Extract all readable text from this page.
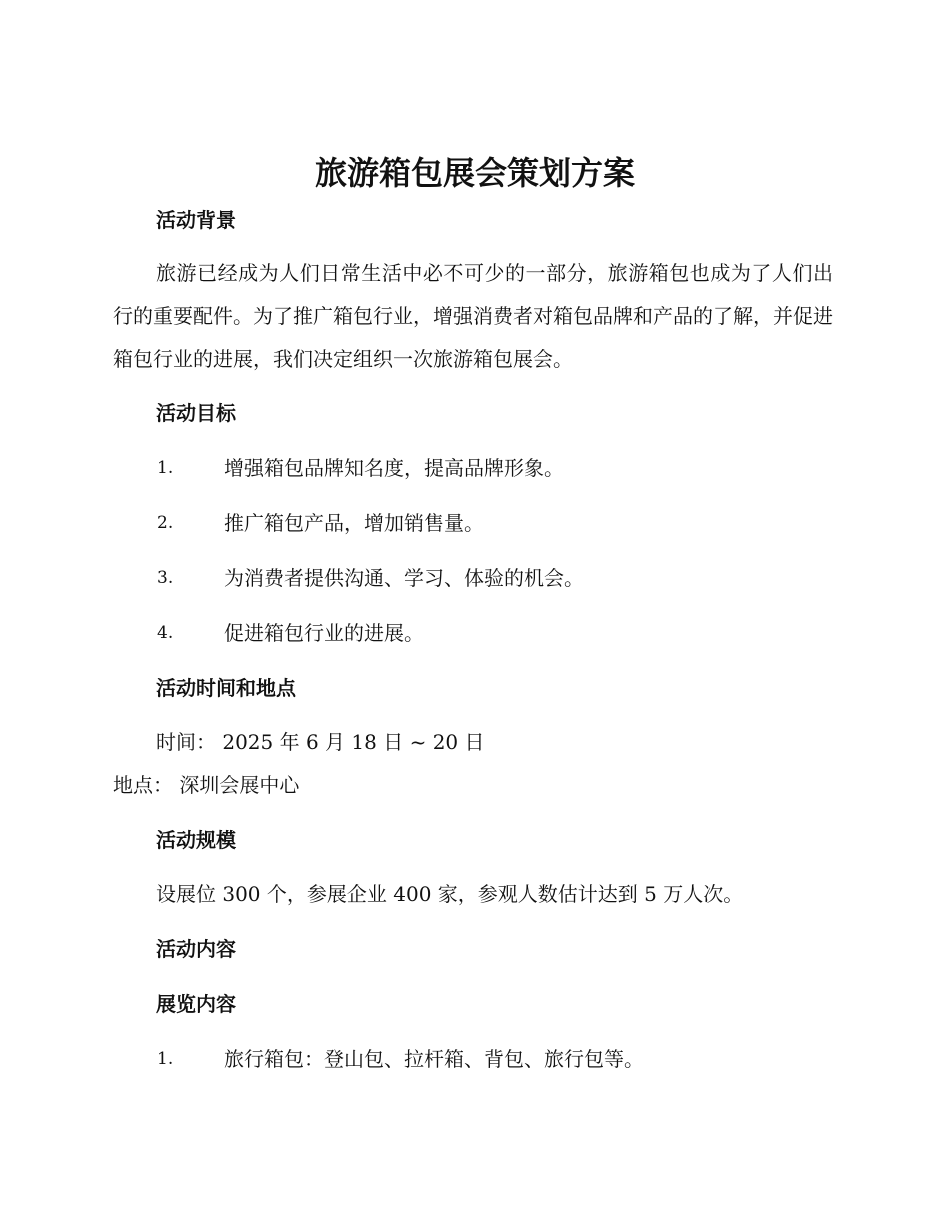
旅游箱包展会策划方案
活动背景
旅游已经成为人们日常生活中必不可少的一部分，旅游箱包也成为了人们出行的重要配件。为了推广箱包行业，增强消费者对箱包品牌和产品的了解，并促进箱包行业的进展，我们决定组织一次旅游箱包展会。
活动目标
1.	增强箱包品牌知名度，提高品牌形象。
2.	推广箱包产品，增加销售量。
3.	为消费者提供沟通、学习、体验的机会。
4.	促进箱包行业的进展。
活动时间和地点
时间： 2025 年 6 月 18 日 ~ 20 日
地点： 深圳会展中心
活动规模
设展位 300 个，参展企业 400 家，参观人数估计达到 5 万人次。
活动内容
展览内容
1.	旅行箱包：登山包、拉杆箱、背包、旅行包等。
